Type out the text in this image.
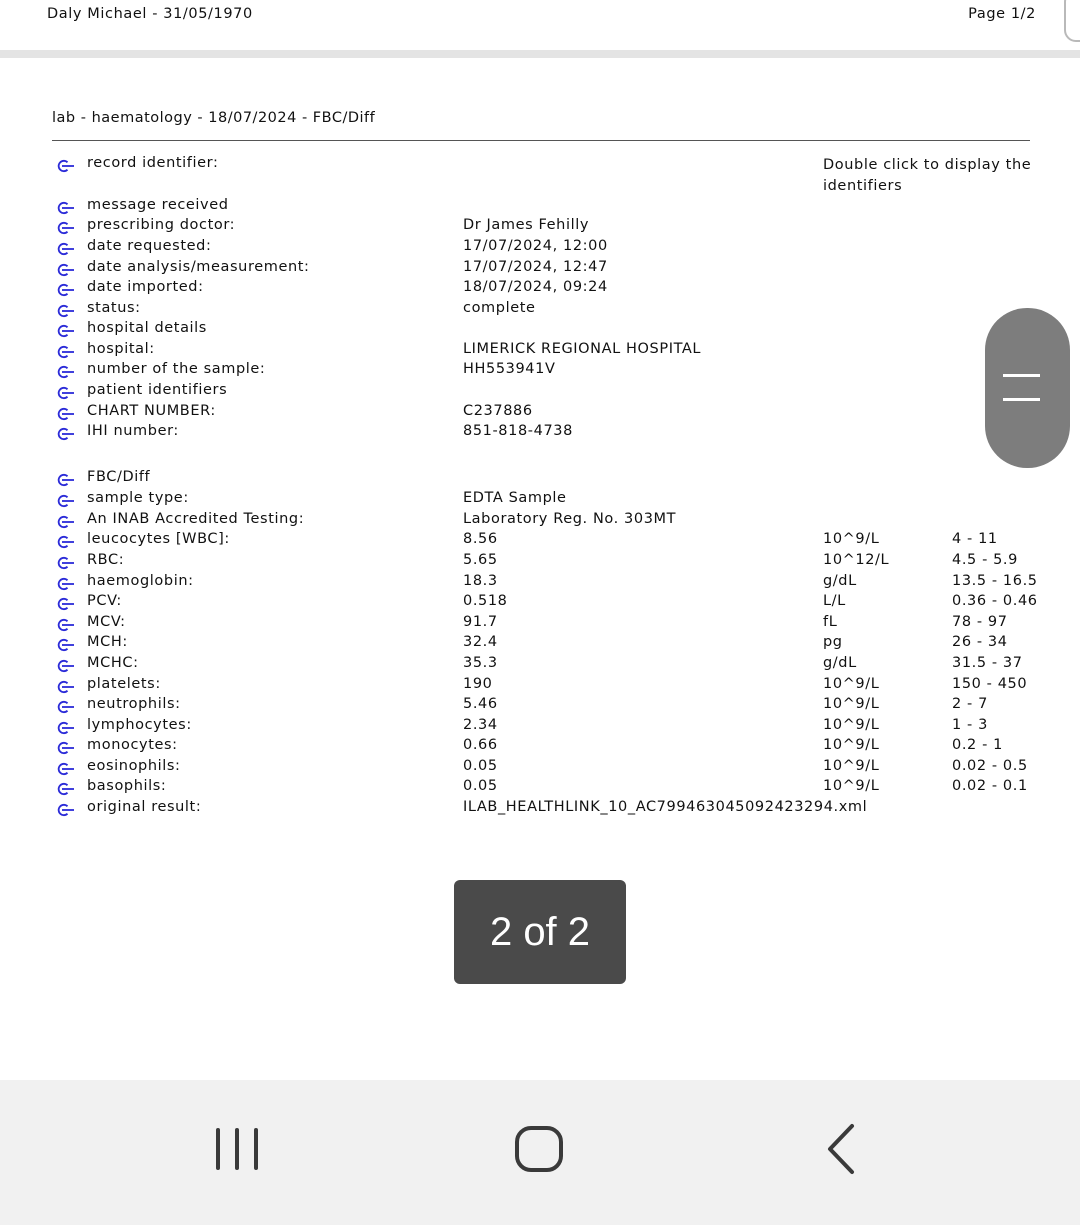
Daly Michael - 31/05/1970	Page 1/2
lab - haematology - 18/07/2024 - FBC/Diff
Double click to display the identifiers
record identifier:
message received
prescribing doctor:	Dr James Fehilly
date requested:	17/07/2024, 12:00
date analysis/measurement:	17/07/2024, 12:47
date imported:	18/07/2024, 09:24
status:	complete
hospital details
hospital:	LIMERICK REGIONAL HOSPITAL
number of the sample:	HH553941V
patient identifiers
CHART NUMBER:	C237886
IHI number:	851-818-4738
FBC/Diff
sample type:	EDTA Sample
An INAB Accredited Testing:	Laboratory Reg. No. 303MT
leucocytes [WBC]:	8.56	10^9/L	4 - 11
RBC:	5.65	10^12/L	4.5 - 5.9
haemoglobin:	18.3	g/dL	13.5 - 16.5
PCV:	0.518	L/L	0.36 - 0.46
MCV:	91.7	fL	78 - 97
MCH:	32.4	pg	26 - 34
MCHC:	35.3	g/dL	31.5 - 37
platelets:	190	10^9/L	150 - 450
neutrophils:	5.46	10^9/L	2 - 7
lymphocytes:	2.34	10^9/L	1 - 3
monocytes:	0.66	10^9/L	0.2 - 1
eosinophils:	0.05	10^9/L	0.02 - 0.5
basophils:	0.05	10^9/L	0.02 - 0.1
original result:	ILAB_HEALTHLINK_10_AC799463045092423294.xml
2 of 2
